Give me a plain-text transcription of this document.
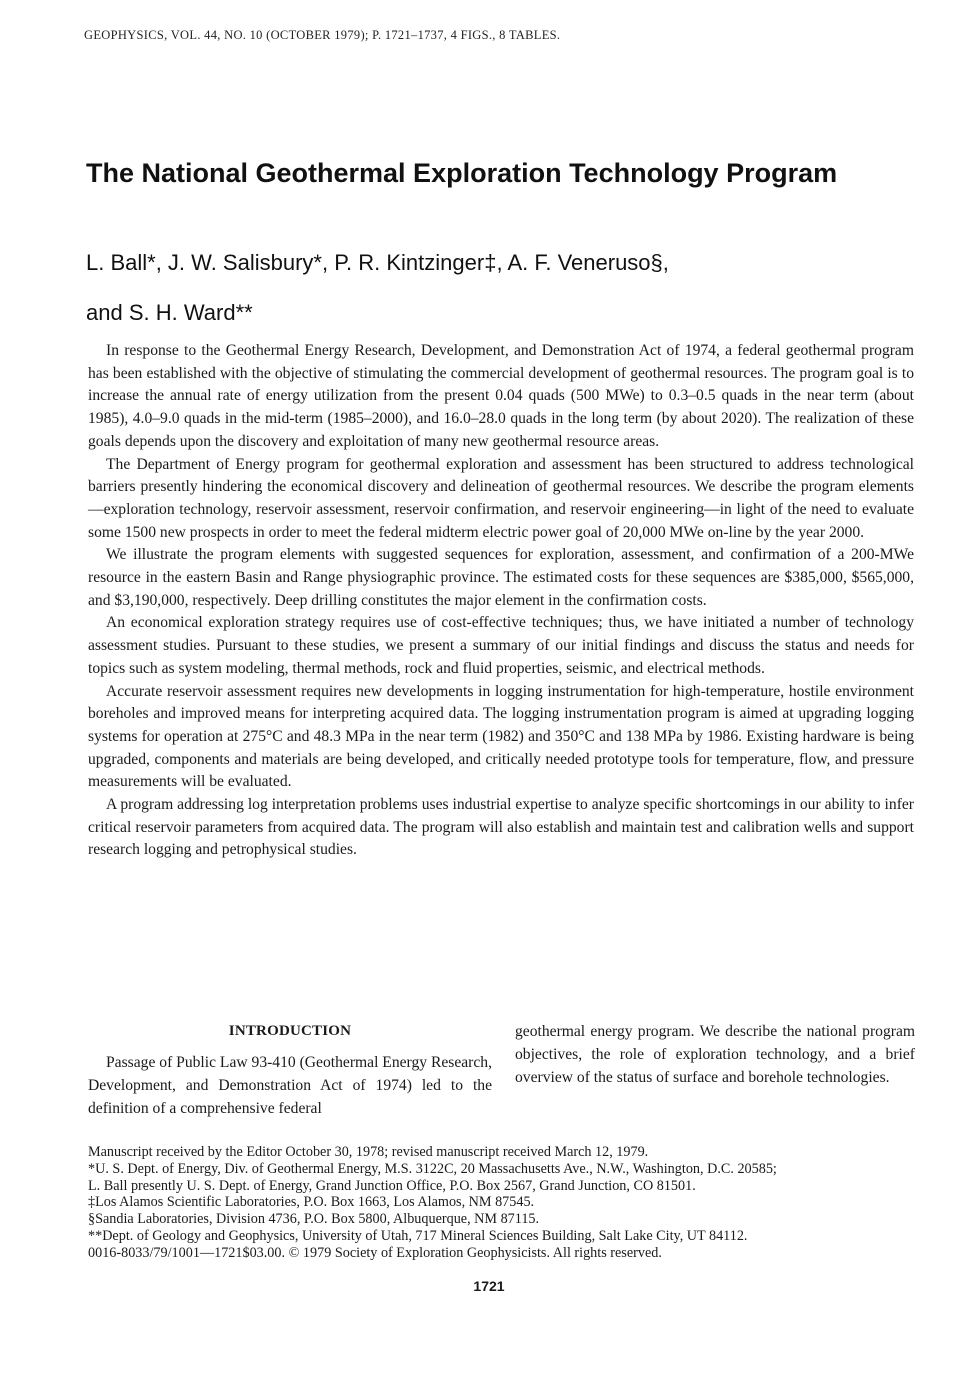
GEOPHYSICS, VOL. 44, NO. 10 (OCTOBER 1979); P. 1721–1737, 4 FIGS., 8 TABLES.
The National Geothermal Exploration Technology Program
L. Ball*, J. W. Salisbury*, P. R. Kintzinger‡, A. F. Veneruso§,
and S. H. Ward**

In response to the Geothermal Energy Research, Development, and Demonstration Act of 1974, a federal geothermal program has been established with the objective of stimulating the commercial development of geothermal resources. The program goal is to increase the annual rate of energy utilization from the present 0.04 quads (500 MWe) to 0.3–0.5 quads in the near term (about 1985), 4.0–9.0 quads in the mid-term (1985–2000), and 16.0–28.0 quads in the long term (by about 2020). The realization of these goals depends upon the discovery and exploitation of many new geothermal resource areas.

The Department of Energy program for geothermal exploration and assessment has been structured to address technological barriers presently hindering the economical discovery and delineation of geothermal resources. We describe the program elements—exploration technology, reservoir assessment, reservoir confirmation, and reservoir engineering—in light of the need to evaluate some 1500 new prospects in order to meet the federal midterm electric power goal of 20,000 MWe on-line by the year 2000.

We illustrate the program elements with suggested sequences for exploration, assessment, and confirmation of a 200-MWe resource in the eastern Basin and Range physiographic province. The estimated costs for these sequences are $385,000, $565,000, and $3,190,000, respectively. Deep drilling constitutes the major element in the confirmation costs.

An economical exploration strategy requires use of cost-effective techniques; thus, we have initiated a number of technology assessment studies. Pursuant to these studies, we present a summary of our initial findings and discuss the status and needs for topics such as system modeling, thermal methods, rock and fluid properties, seismic, and electrical methods.

Accurate reservoir assessment requires new developments in logging instrumentation for high-temperature, hostile environment boreholes and improved means for interpreting acquired data. The logging instrumentation program is aimed at upgrading logging systems for operation at 275°C and 48.3 MPa in the near term (1982) and 350°C and 138 MPa by 1986. Existing hardware is being upgraded, components and materials are being developed, and critically needed prototype tools for temperature, flow, and pressure measurements will be evaluated.

A program addressing log interpretation problems uses industrial expertise to analyze specific shortcomings in our ability to infer critical reservoir parameters from acquired data. The program will also establish and maintain test and calibration wells and support research logging and petrophysical studies.

INTRODUCTION

Passage of Public Law 93-410 (Geothermal Energy Research, Development, and Demonstration Act of 1974) led to the definition of a comprehensive federal

geothermal energy program. We describe the national program objectives, the role of exploration technology, and a brief overview of the status of surface and borehole technologies.

Manuscript received by the Editor October 30, 1978; revised manuscript received March 12, 1979.
*U. S. Dept. of Energy, Div. of Geothermal Energy, M.S. 3122C, 20 Massachusetts Ave., N.W., Washington, D.C. 20585;
L. Ball presently U. S. Dept. of Energy, Grand Junction Office, P.O. Box 2567, Grand Junction, CO 81501.
‡Los Alamos Scientific Laboratories, P.O. Box 1663, Los Alamos, NM 87545.
§Sandia Laboratories, Division 4736, P.O. Box 5800, Albuquerque, NM 87115.
**Dept. of Geology and Geophysics, University of Utah, 717 Mineral Sciences Building, Salt Lake City, UT 84112.
0016-8033/79/1001—1721$03.00. © 1979 Society of Exploration Geophysicists. All rights reserved.
1721
